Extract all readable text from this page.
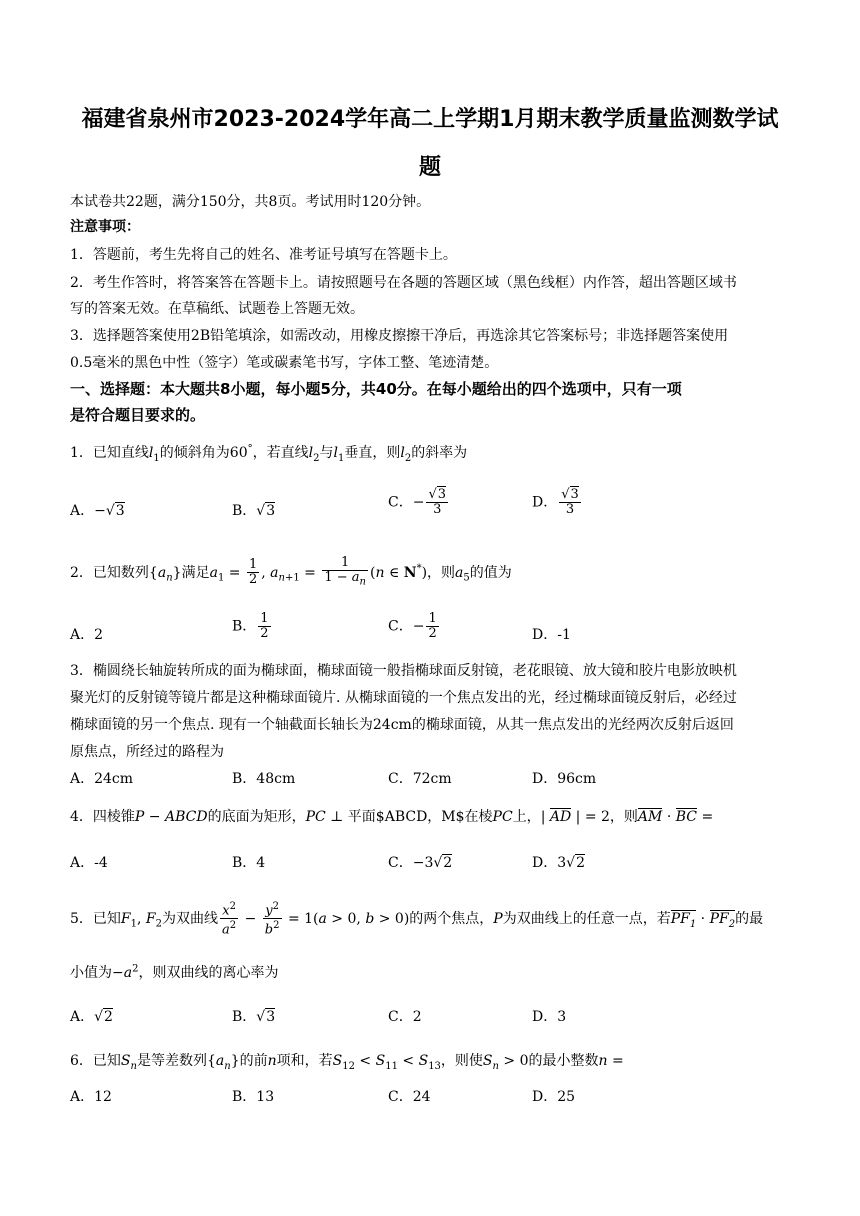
福建省泉州市2023-2024学年高二上学期1月期末教学质量监测数学试
题
本试卷共22题，满分150分，共8页。考试用时120分钟。
注意事项：
1．答题前，考生先将自己的姓名、准考证号填写在答题卡上。
2．考生作答时，将答案答在答题卡上。请按照题号在各题的答题区域（黑色线框）内作答，超出答题区域书
写的答案无效。在草稿纸、试题卷上答题无效。
3．选择题答案使用2B铅笔填涂，如需改动，用橡皮擦擦干净后，再选涂其它答案标号；非选择题答案使用
0.5毫米的黑色中性（签字）笔或碳素笔书写，字体工整、笔迹清楚。
一、选择题：本大题共8小题，每小题5分，共40分。在每小题给出的四个选项中，只有一项
是符合题目要求的。
1．已知直线$l_1$的倾斜角为60°，若直线$l_2$与$l_1$垂直，则$l_2$的斜率为
A．−√3	B．√3
C．− $\frac{√3}{3}$	D． $\frac{√3}{3}$
2．已知数列$\{a_n\}$满足$a_1 = \frac{1}{2}$ , $a_{n+1} = \frac{1}{1 - a_n} (n$ ∈ N*)，则$a_5$的值为
A．2
B． $\frac{1}{2}$	C．− $\frac{1}{2}$	D．-1
3．椭圆绕长轴旋转所成的面为椭球面，椭球面镜一般指椭球面反射镜，老花眼镜、放大镜和胶片电影放映机
聚光灯的反射镜等镜片都是这种椭球面镜片. 从椭球面镜的一个焦点发出的光，经过椭球面镜反射后，必经过
椭球面镜的另一个焦点. 现有一个轴截面长轴长为24cm的椭球面镜，从其一焦点发出的光经两次反射后返回
原焦点，所经过的路程为
A．24cm	B．48cm	C．72cm	D．96cm
4．四棱锥P − ABCD的底面为矩形，PC ⊥ 平面$ABCD，M$在棱PC上，| AD | = 2，则AM · BC =
A．-4	B．4	C．−3√2	D．3√2
5．已知$F_1$, $F_2$为双曲线 $\frac{x^2}{a^2} - \frac{y^2}{b^2} = 1(a > 0$, b > 0)的两个焦点，P为双曲线上的任意一点，若$PF_1 \cdot PF_2$的最
小值为$-a^2$，则双曲线的离心率为
A．√2	B．√3	C．2	D．3
6．已知$S_n$是等差数列$\{a_n\}$的前n项和，若$S_{12} < S_{11} < S_{13}$，则使$S_n > 0$的最小整数n =
A．12	B．13	C．24	D．25
